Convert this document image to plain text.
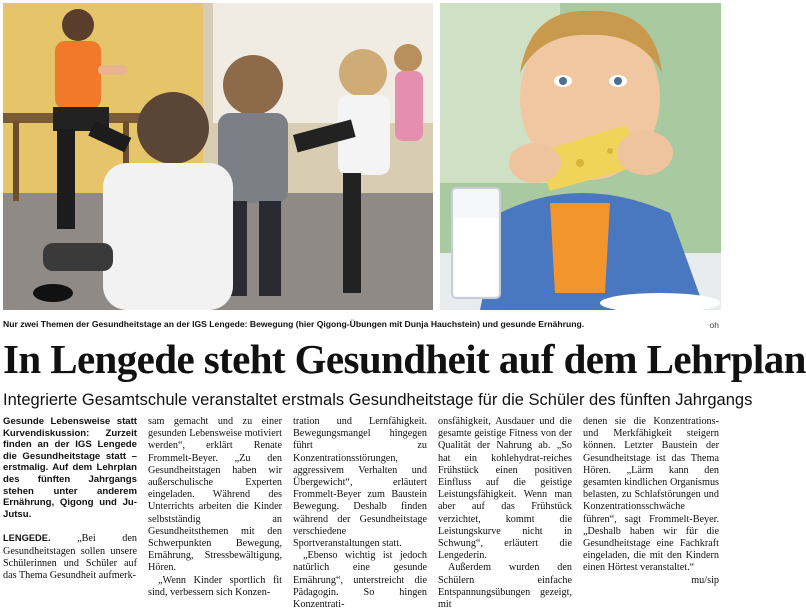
Nur zwei Themen der Gesundheitstage an der IGS Lengede: Bewegung (hier Qigong-Übungen mit Dunja Hauchstein) und gesunde Ernährung.	oh
In Lengede steht Gesundheit auf dem Lehrplan
Integrierte Gesamtschule veranstaltet erstmals Gesundheitstage für die Schüler des fünften Jahrgangs

Gesunde Lebensweise statt Kurvendiskussion: Zurzeit finden an der IGS Lengede die Gesundheitstage statt – erstmalig. Auf dem Lehrplan des fünften Jahrgangs stehen unter anderem Ernährung, Qigong und Ju-Jutsu.

LENGEDE.	„Bei den Gesundheitstagen sollen unsere Schülerinnen und Schüler auf das Thema Gesundheit aufmerk-

sam gemacht und zu einer gesunden Lebensweise motiviert werden“, erklärt Renate Frommelt-Beyer. „Zu den Gesundheitstagen haben wir außerschulische Experten eingeladen. Während des Unterrichts arbeiten die Kinder selbstständig an Gesundheitsthemen mit den Schwerpunkten Bewegung, Ernährung, Stressbewältigung, Hören.

„Wenn Kinder sportlich fit sind, verbessern sich Konzen-

tration und Lernfähigkeit. Bewegungsmangel hingegen führt zu Konzentrationsstörungen, aggressivem Verhalten und Übergewicht“, erläutert Frommelt-Beyer zum Baustein Bewegung. Deshalb finden während der Gesundheitstage verschiedene Sportveranstaltungen statt.

„Ebenso wichtig ist jedoch natürlich eine gesunde Ernährung“, unterstreicht die Pädagogin. So hingen Konzentrati-

onsfähigkeit, Ausdauer und die gesamte geistige Fitness von der Qualität der Nahrung ab. „So hat ein kohlehydrat-reiches Frühstück einen positiven Einfluss auf die geistige Leistungsfähigkeit. Wenn man aber auf das Frühstück verzichtet, kommt die Leistungskurve nicht in Schwung“, erläutert die Lengederin.

Außerdem wurden den Schülern einfache Entspannungsübungen gezeigt, mit

denen sie die Konzentrations- und Merkfähigkeit steigern können. Letzter Baustein der Gesundheitstage ist das Thema Hören. „Lärm kann den gesamten kindlichen Organismus belasten, zu Schlafstörungen und Konzentrationsschwäche führen“, sagt Frommelt-Beyer. „Deshalb haben wir für die Gesundheitstage eine Fachkraft eingeladen, die mit den Kindern einen Hörtest veranstaltet.“

mu/sip
